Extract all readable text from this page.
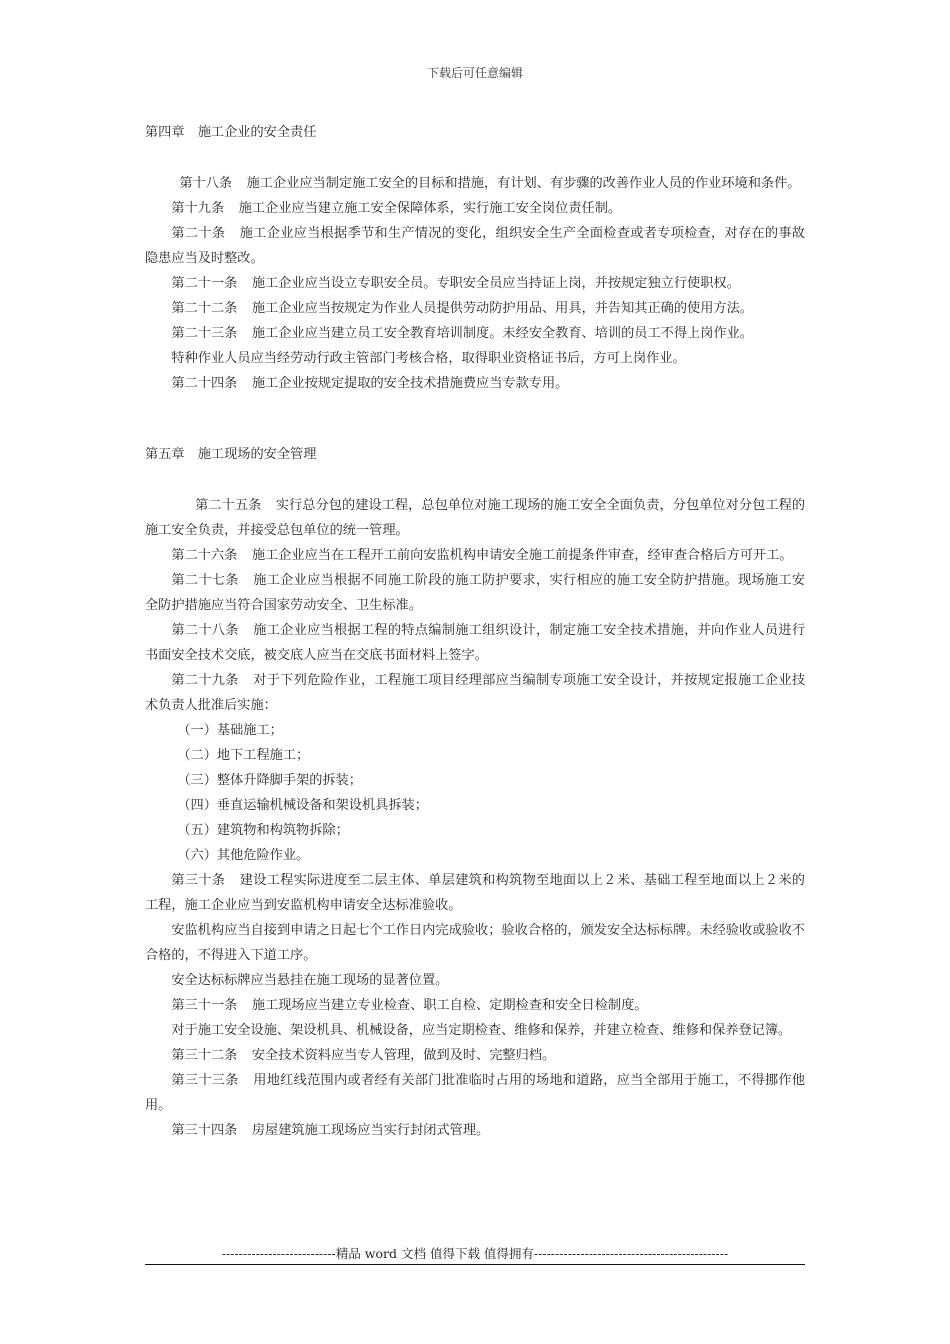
下载后可任意编辑
第四章　施工企业的安全责任

第十八条 施工企业应当制定施工安全的目标和措施，有计划、有步骤的改善作业人员的作业环境和条件。

第十九条 施工企业应当建立施工安全保障体系，实行施工安全岗位责任制。

第二十条 施工企业应当根据季节和生产情况的变化，组织安全生产全面检查或者专项检查，对存在的事故隐患应当及时整改。

第二十一条 施工企业应当设立专职安全员。专职安全员应当持证上岗，并按规定独立行使职权。

第二十二条 施工企业应当按规定为作业人员提供劳动防护用品、用具，并告知其正确的使用方法。

第二十三条 施工企业应当建立员工安全教育培训制度。未经安全教育、培训的员工不得上岗作业。

特种作业人员应当经劳动行政主管部门考核合格，取得职业资格证书后，方可上岗作业。

第二十四条 施工企业按规定提取的安全技术措施费应当专款专用。

第五章　施工现场的安全管理

第二十五条 实行总分包的建设工程，总包单位对施工现场的施工安全全面负责，分包单位对分包工程的施工安全负责，并接受总包单位的统一管理。

第二十六条 施工企业应当在工程开工前向安监机构申请安全施工前提条件审查，经审查合格后方可开工。

第二十七条 施工企业应当根据不同施工阶段的施工防护要求，实行相应的施工安全防护措施。现场施工安全防护措施应当符合国家劳动安全、卫生标准。

第二十八条 施工企业应当根据工程的特点编制施工组织设计，制定施工安全技术措施，并向作业人员进行书面安全技术交底，被交底人应当在交底书面材料上签字。

第二十九条 对于下列危险作业，工程施工项目经理部应当编制专项施工安全设计，并按规定报施工企业技术负责人批准后实施：

（一）基础施工；

（二）地下工程施工；

（三）整体升降脚手架的拆装；

（四）垂直运输机械设备和架设机具拆装；

（五）建筑物和构筑物拆除；

（六）其他危险作业。

第三十条 建设工程实际进度至二层主体、单层建筑和构筑物至地面以上２米、基础工程至地面以上２米的工程，施工企业应当到安监机构申请安全达标准验收。

安监机构应当自接到申请之日起七个工作日内完成验收；验收合格的，颁发安全达标标牌。未经验收或验收不合格的，不得进入下道工序。

安全达标标牌应当悬挂在施工现场的显著位置。

第三十一条 施工现场应当建立专业检查、职工自检、定期检查和安全日检制度。

对于施工安全设施、架设机具、机械设备，应当定期检查、维修和保养，并建立检查、维修和保养登记簿。

第三十二条 安全技术资料应当专人管理，做到及时、完整归档。

第三十三条 用地红线范围内或者经有关部门批准临时占用的场地和道路，应当全部用于施工，不得挪作他用。

第三十四条 房屋建筑施工现场应当实行封闭式管理。

---------------------------精品 word 文档 值得下载 值得拥有----------------------------------------------
